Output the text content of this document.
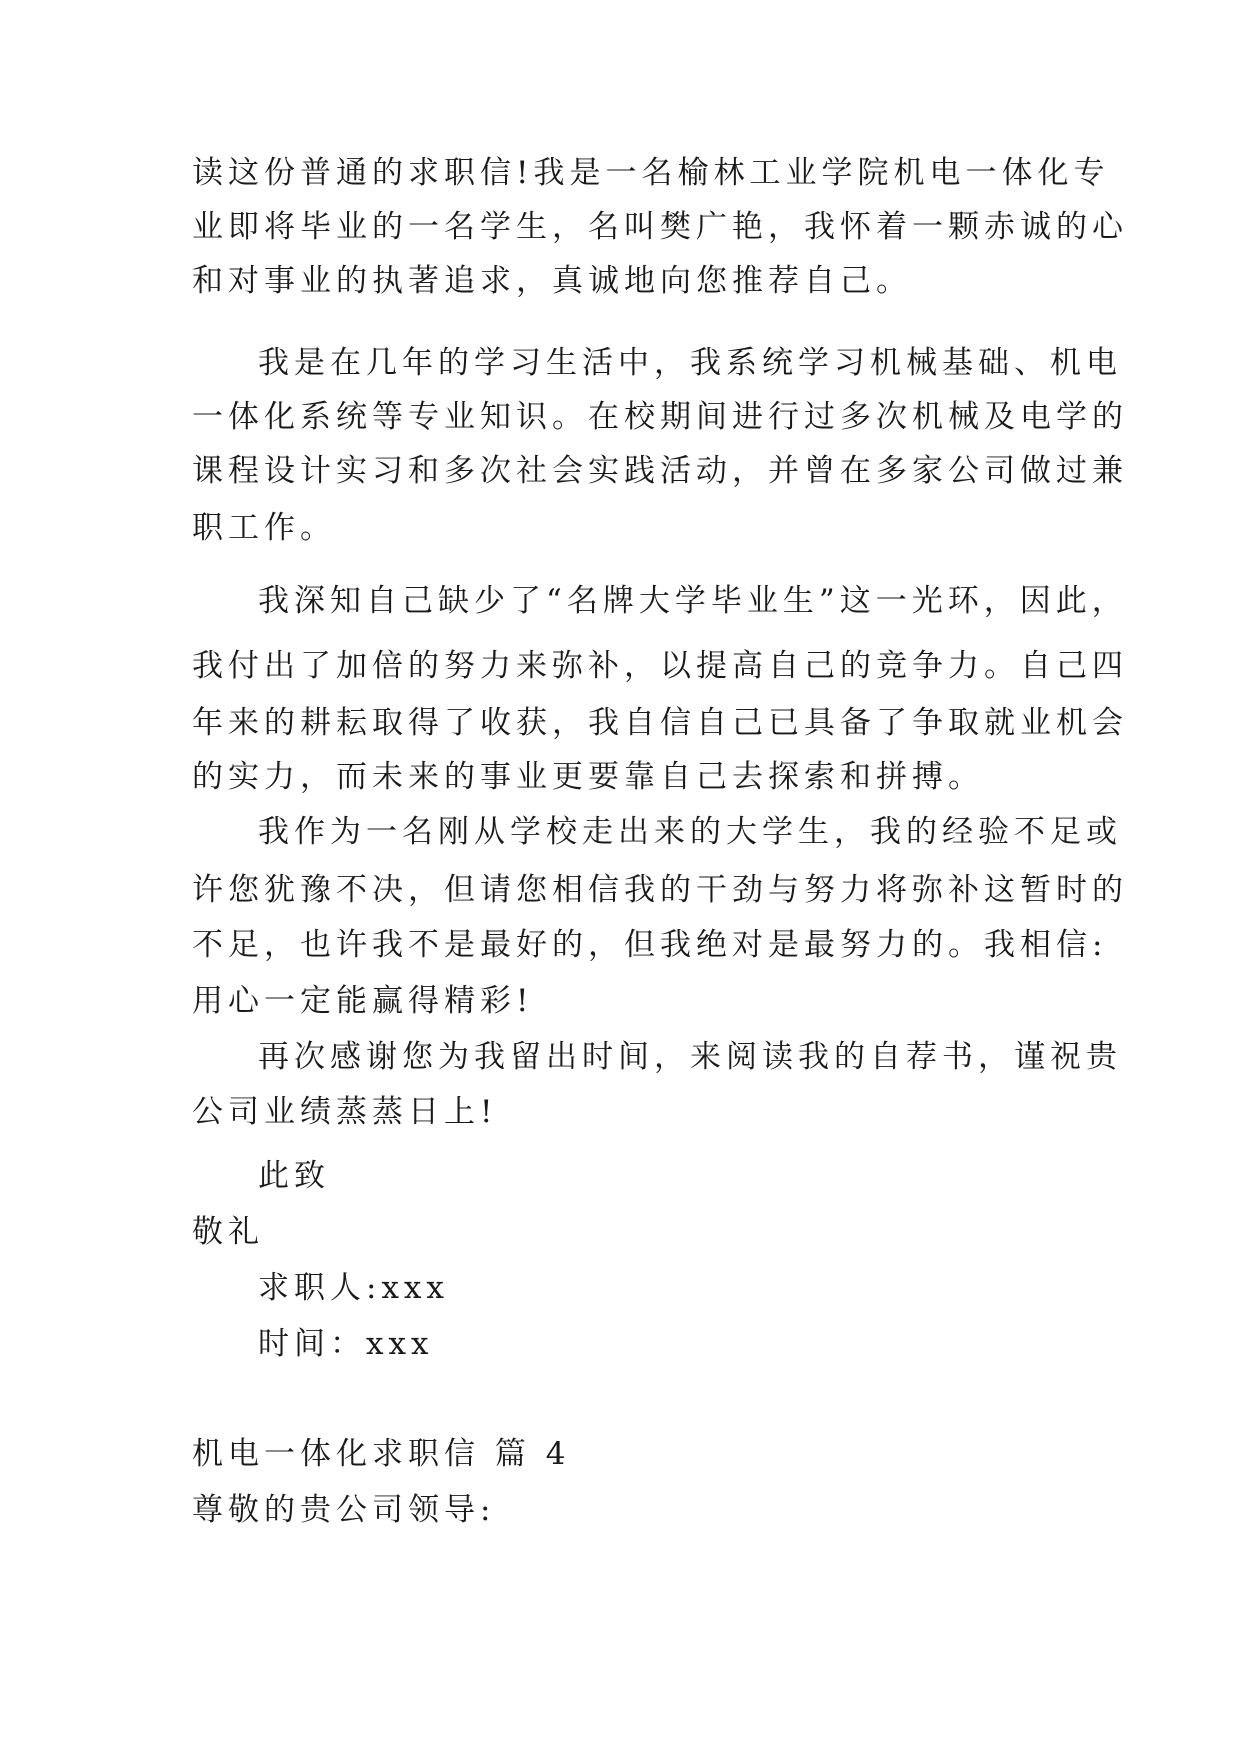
读这份普通的求职信!我是一名榆林工业学院机电一体化专
业即将毕业的一名学生，名叫樊广艳，我怀着一颗赤诚的心
和对事业的执著追求，真诚地向您推荐自己。
我是在几年的学习生活中，我系统学习机械基础、机电
一体化系统等专业知识。在校期间进行过多次机械及电学的
课程设计实习和多次社会实践活动，并曾在多家公司做过兼
职工作。
我深知自己缺少了“名牌大学毕业生”这一光环，因此，
我付出了加倍的努力来弥补，以提高自己的竞争力。自己四
年来的耕耘取得了收获，我自信自己已具备了争取就业机会
的实力，而未来的事业更要靠自己去探索和拼搏。
我作为一名刚从学校走出来的大学生，我的经验不足或
许您犹豫不决，但请您相信我的干劲与努力将弥补这暂时的
不足，也许我不是最好的，但我绝对是最努力的。我相信:
用心一定能赢得精彩!
再次感谢您为我留出时间，来阅读我的自荐书，谨祝贵
公司业绩蒸蒸日上!
此致
敬礼
求职人:xxx
时间：xxx
机电一体化求职信 篇 4
尊敬的贵公司领导:
